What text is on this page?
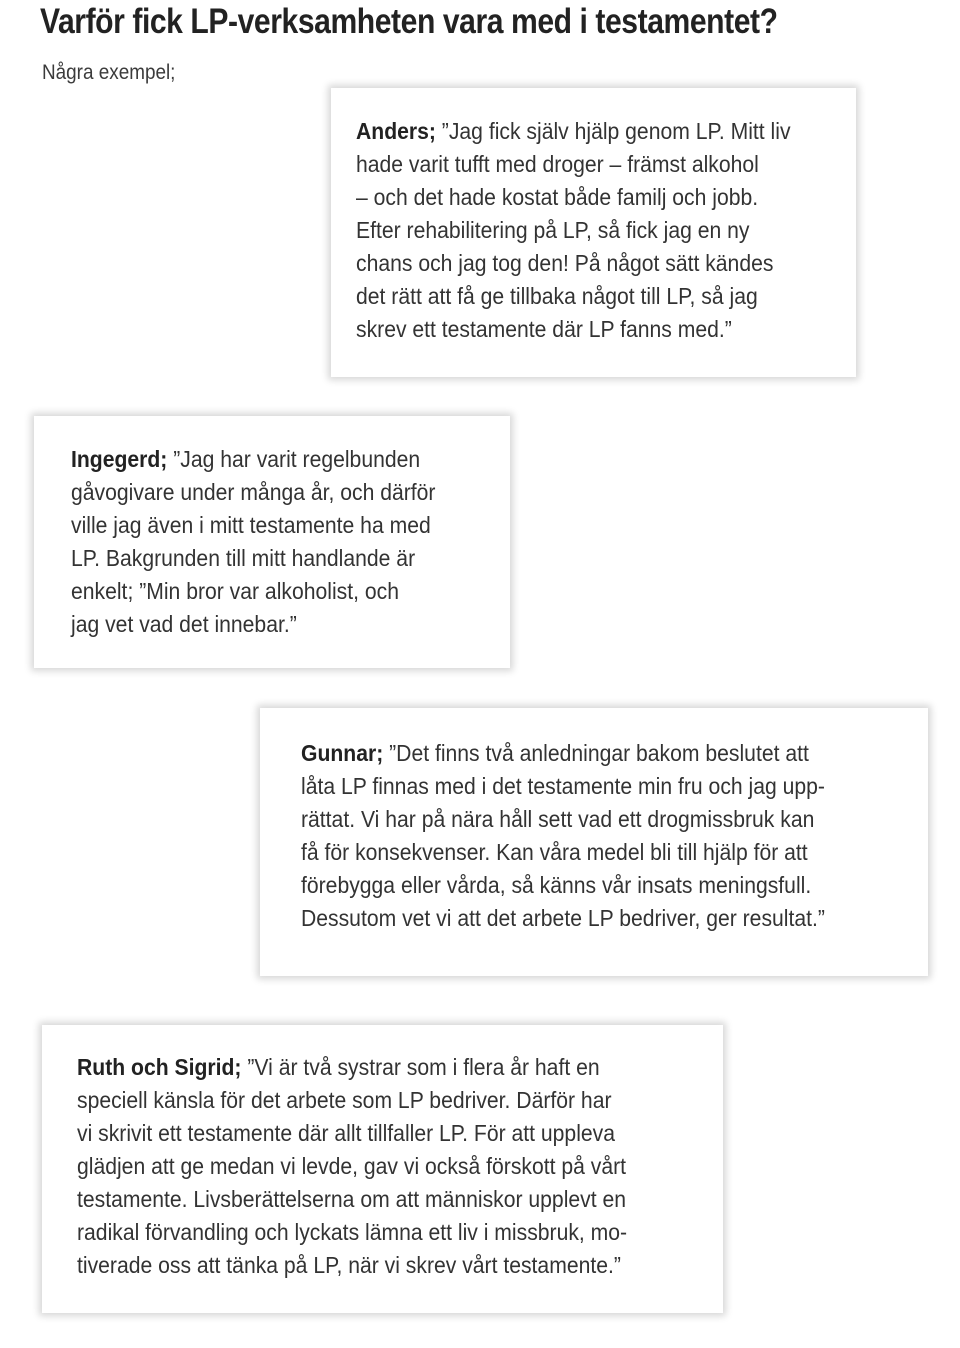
Varför fick LP-verksamheten vara med i testamentet?
Några exempel;
Anders; ”Jag fick själv hjälp genom LP. Mitt liv
hade varit tufft med droger – främst alkohol
– och det hade kostat både familj och jobb.
Efter rehabilitering på LP, så fick jag en ny
chans och jag tog den! På något sätt kändes
det rätt att få ge tillbaka något till LP, så jag
skrev ett testamente där LP fanns med.”
Ingegerd; ”Jag har varit regelbunden
gåvogivare under många år, och därför
ville jag även i mitt testamente ha med
LP. Bakgrunden till mitt handlande är
enkelt; ”Min bror var alkoholist, och
jag vet vad det innebar.”
Gunnar; ”Det finns två anledningar bakom beslutet att
låta LP finnas med i det testamente min fru och jag upp-
rättat. Vi har på nära håll sett vad ett drogmissbruk kan
få för konsekvenser. Kan våra medel bli till hjälp för att
förebygga eller vårda, så känns vår insats meningsfull.
Dessutom vet vi att det arbete LP bedriver, ger resultat.”
Ruth och Sigrid; ”Vi är två systrar som i flera år haft en
speciell känsla för det arbete som LP bedriver. Därför har
vi skrivit ett testamente där allt tillfaller LP. För att uppleva
glädjen att ge medan vi levde, gav vi också förskott på vårt
testamente. Livsberättelserna om att människor upplevt en
radikal förvandling och lyckats lämna ett liv i missbruk, mo-
tiverade oss att tänka på LP, när vi skrev vårt testamente.”
